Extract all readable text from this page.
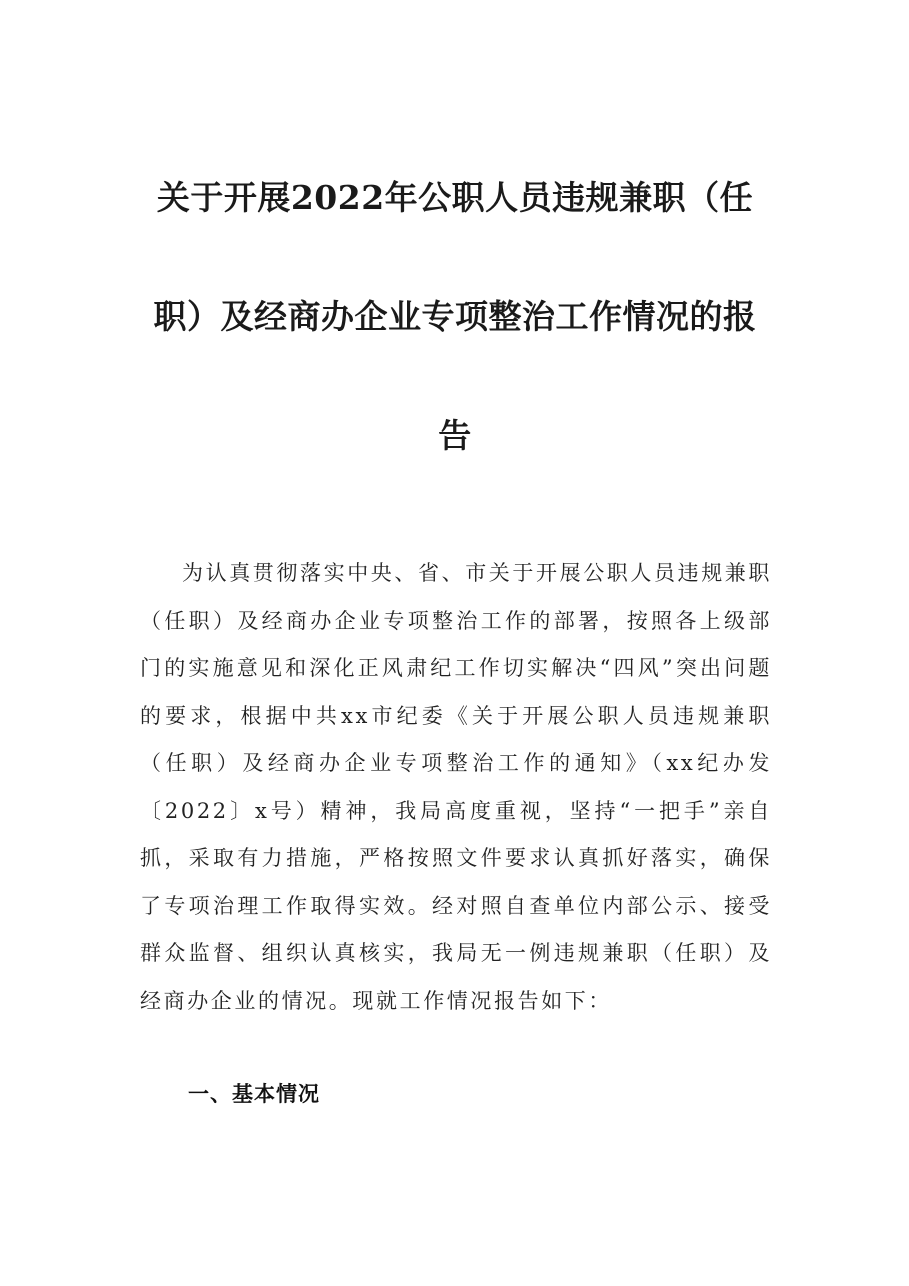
关于开展2022年公职人员违规兼职（任
职）及经商办企业专项整治工作情况的报
告

为认真贯彻落实中央、省、市关于开展公职人员违规兼职（任职）及经商办企业专项整治工作的部署，按照各上级部门的实施意见和深化正风肃纪工作切实解决“四风”突出问题的要求，根据中共xx市纪委《关于开展公职人员违规兼职（任职）及经商办企业专项整治工作的通知》（xx纪办发〔2022〕x号）精神，我局高度重视，坚持“一把手”亲自抓，采取有力措施，严格按照文件要求认真抓好落实，确保了专项治理工作取得实效。经对照自查单位内部公示、接受群众监督、组织认真核实，我局无一例违规兼职（任职）及经商办企业的情况。现就工作情况报告如下：

一、基本情况
